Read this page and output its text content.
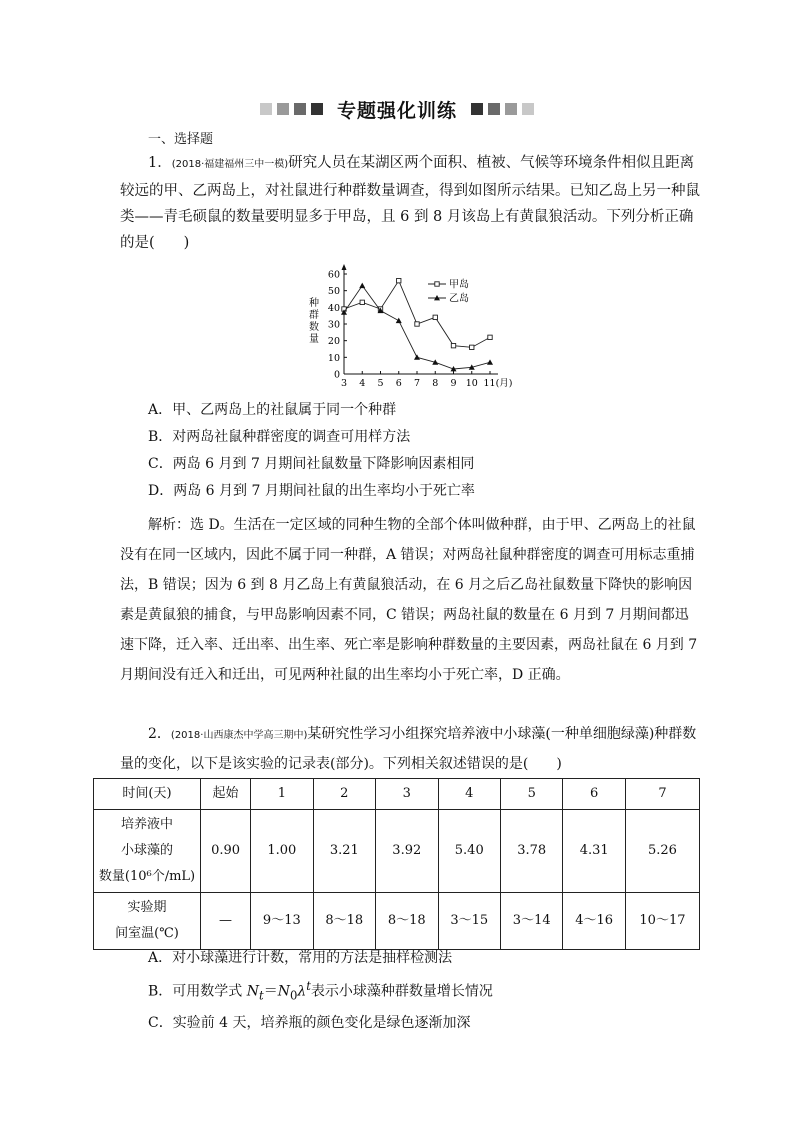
专题强化训练
一、选择题
1．(2018·福建福州三中一模)研究人员在某湖区两个面积、植被、气候等环境条件相似且距离较远的甲、乙两岛上，对社鼠进行种群数量调查，得到如图所示结果。已知乙岛上另一种鼠类——青毛硕鼠的数量要明显多于甲岛，且 6 到 8 月该岛上有黄鼠狼活动。下列分析正确的是(　　)
种
群
数
量
0
10
20
30
40
50
60
3 4 5 6 7 8 9 10 11(月)
甲岛
乙岛
A．甲、乙两岛上的社鼠属于同一个种群
B．对两岛社鼠种群密度的调查可用样方法
C．两岛 6 月到 7 月期间社鼠数量下降影响因素相同
D．两岛 6 月到 7 月期间社鼠的出生率均小于死亡率
解析：选 D。生活在一定区域的同种生物的全部个体叫做种群，由于甲、乙两岛上的社鼠没有在同一区域内，因此不属于同一种群，A 错误；对两岛社鼠种群密度的调查可用标志重捕法，B 错误；因为 6 到 8 月乙岛上有黄鼠狼活动，在 6 月之后乙岛社鼠数量下降快的影响因素是黄鼠狼的捕食，与甲岛影响因素不同，C 错误；两岛社鼠的数量在 6 月到 7 月期间都迅速下降，迁入率、迁出率、出生率、死亡率是影响种群数量的主要因素，两岛社鼠在 6 月到 7 月期间没有迁入和迁出，可见两种社鼠的出生率均小于死亡率，D 正确。
2．(2018·山西康杰中学高三期中)某研究性学习小组探究培养液中小球藻(一种单细胞绿藻)种群数量的变化，以下是该实验的记录表(部分)。下列相关叙述错误的是(　　)
时间(天)	起始	1	2	3	4	5	6	7

培养液中
小球藻的
数量(10⁶个/mL)	0.90	1.00	3.21	3.92	5.40	3.78	4.31	5.26

实验期
间室温(℃)	—	9～13	8～18	8～18	3～15	3～14	4～16	10～17
A．对小球藻进行计数，常用的方法是抽样检测法
B．可用数学式 $N_t=N_0\lambda^t$表示小球藻种群数量增长情况
C．实验前 4 天，培养瓶的颜色变化是绿色逐渐加深
